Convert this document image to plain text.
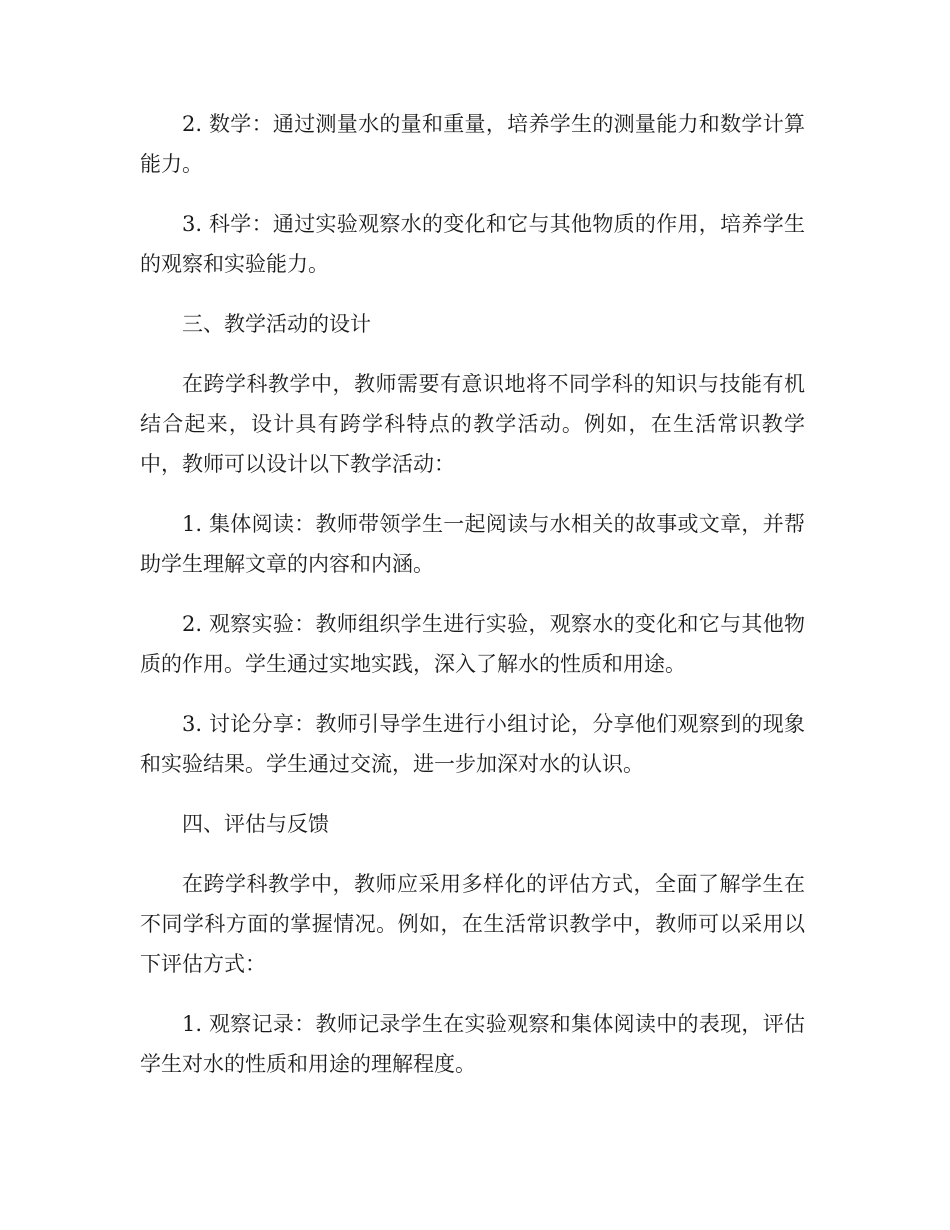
2. 数学：通过测量水的量和重量，培养学生的测量能力和数学计算能力。

3. 科学：通过实验观察水的变化和它与其他物质的作用，培养学生的观察和实验能力。

三、教学活动的设计

在跨学科教学中，教师需要有意识地将不同学科的知识与技能有机结合起来，设计具有跨学科特点的教学活动。例如，在生活常识教学中，教师可以设计以下教学活动：

1. 集体阅读：教师带领学生一起阅读与水相关的故事或文章，并帮助学生理解文章的内容和内涵。

2. 观察实验：教师组织学生进行实验，观察水的变化和它与其他物质的作用。学生通过实地实践，深入了解水的性质和用途。

3. 讨论分享：教师引导学生进行小组讨论，分享他们观察到的现象和实验结果。学生通过交流，进一步加深对水的认识。

四、评估与反馈

在跨学科教学中，教师应采用多样化的评估方式，全面了解学生在不同学科方面的掌握情况。例如，在生活常识教学中，教师可以采用以下评估方式：

1. 观察记录：教师记录学生在实验观察和集体阅读中的表现，评估学生对水的性质和用途的理解程度。
